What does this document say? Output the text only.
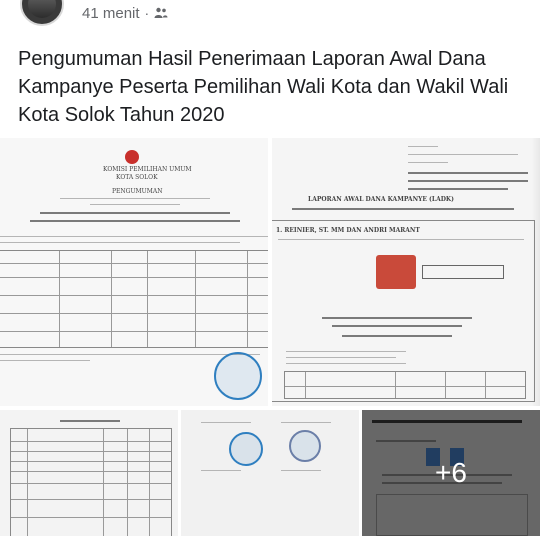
41 menit ·

Pengumuman Hasil Penerimaan Laporan Awal Dana Kampanye Peserta Pemilihan Wali Kota dan Wakil Wali Kota Solok Tahun 2020

KOMISI PEMILIHAN UMUM
KOTA SOLOK
PENGUMUMAN
LAPORAN AWAL DANA KAMPANYE (LADK)
1. REINIER, ST. MM DAN ANDRI MARANT
+6
